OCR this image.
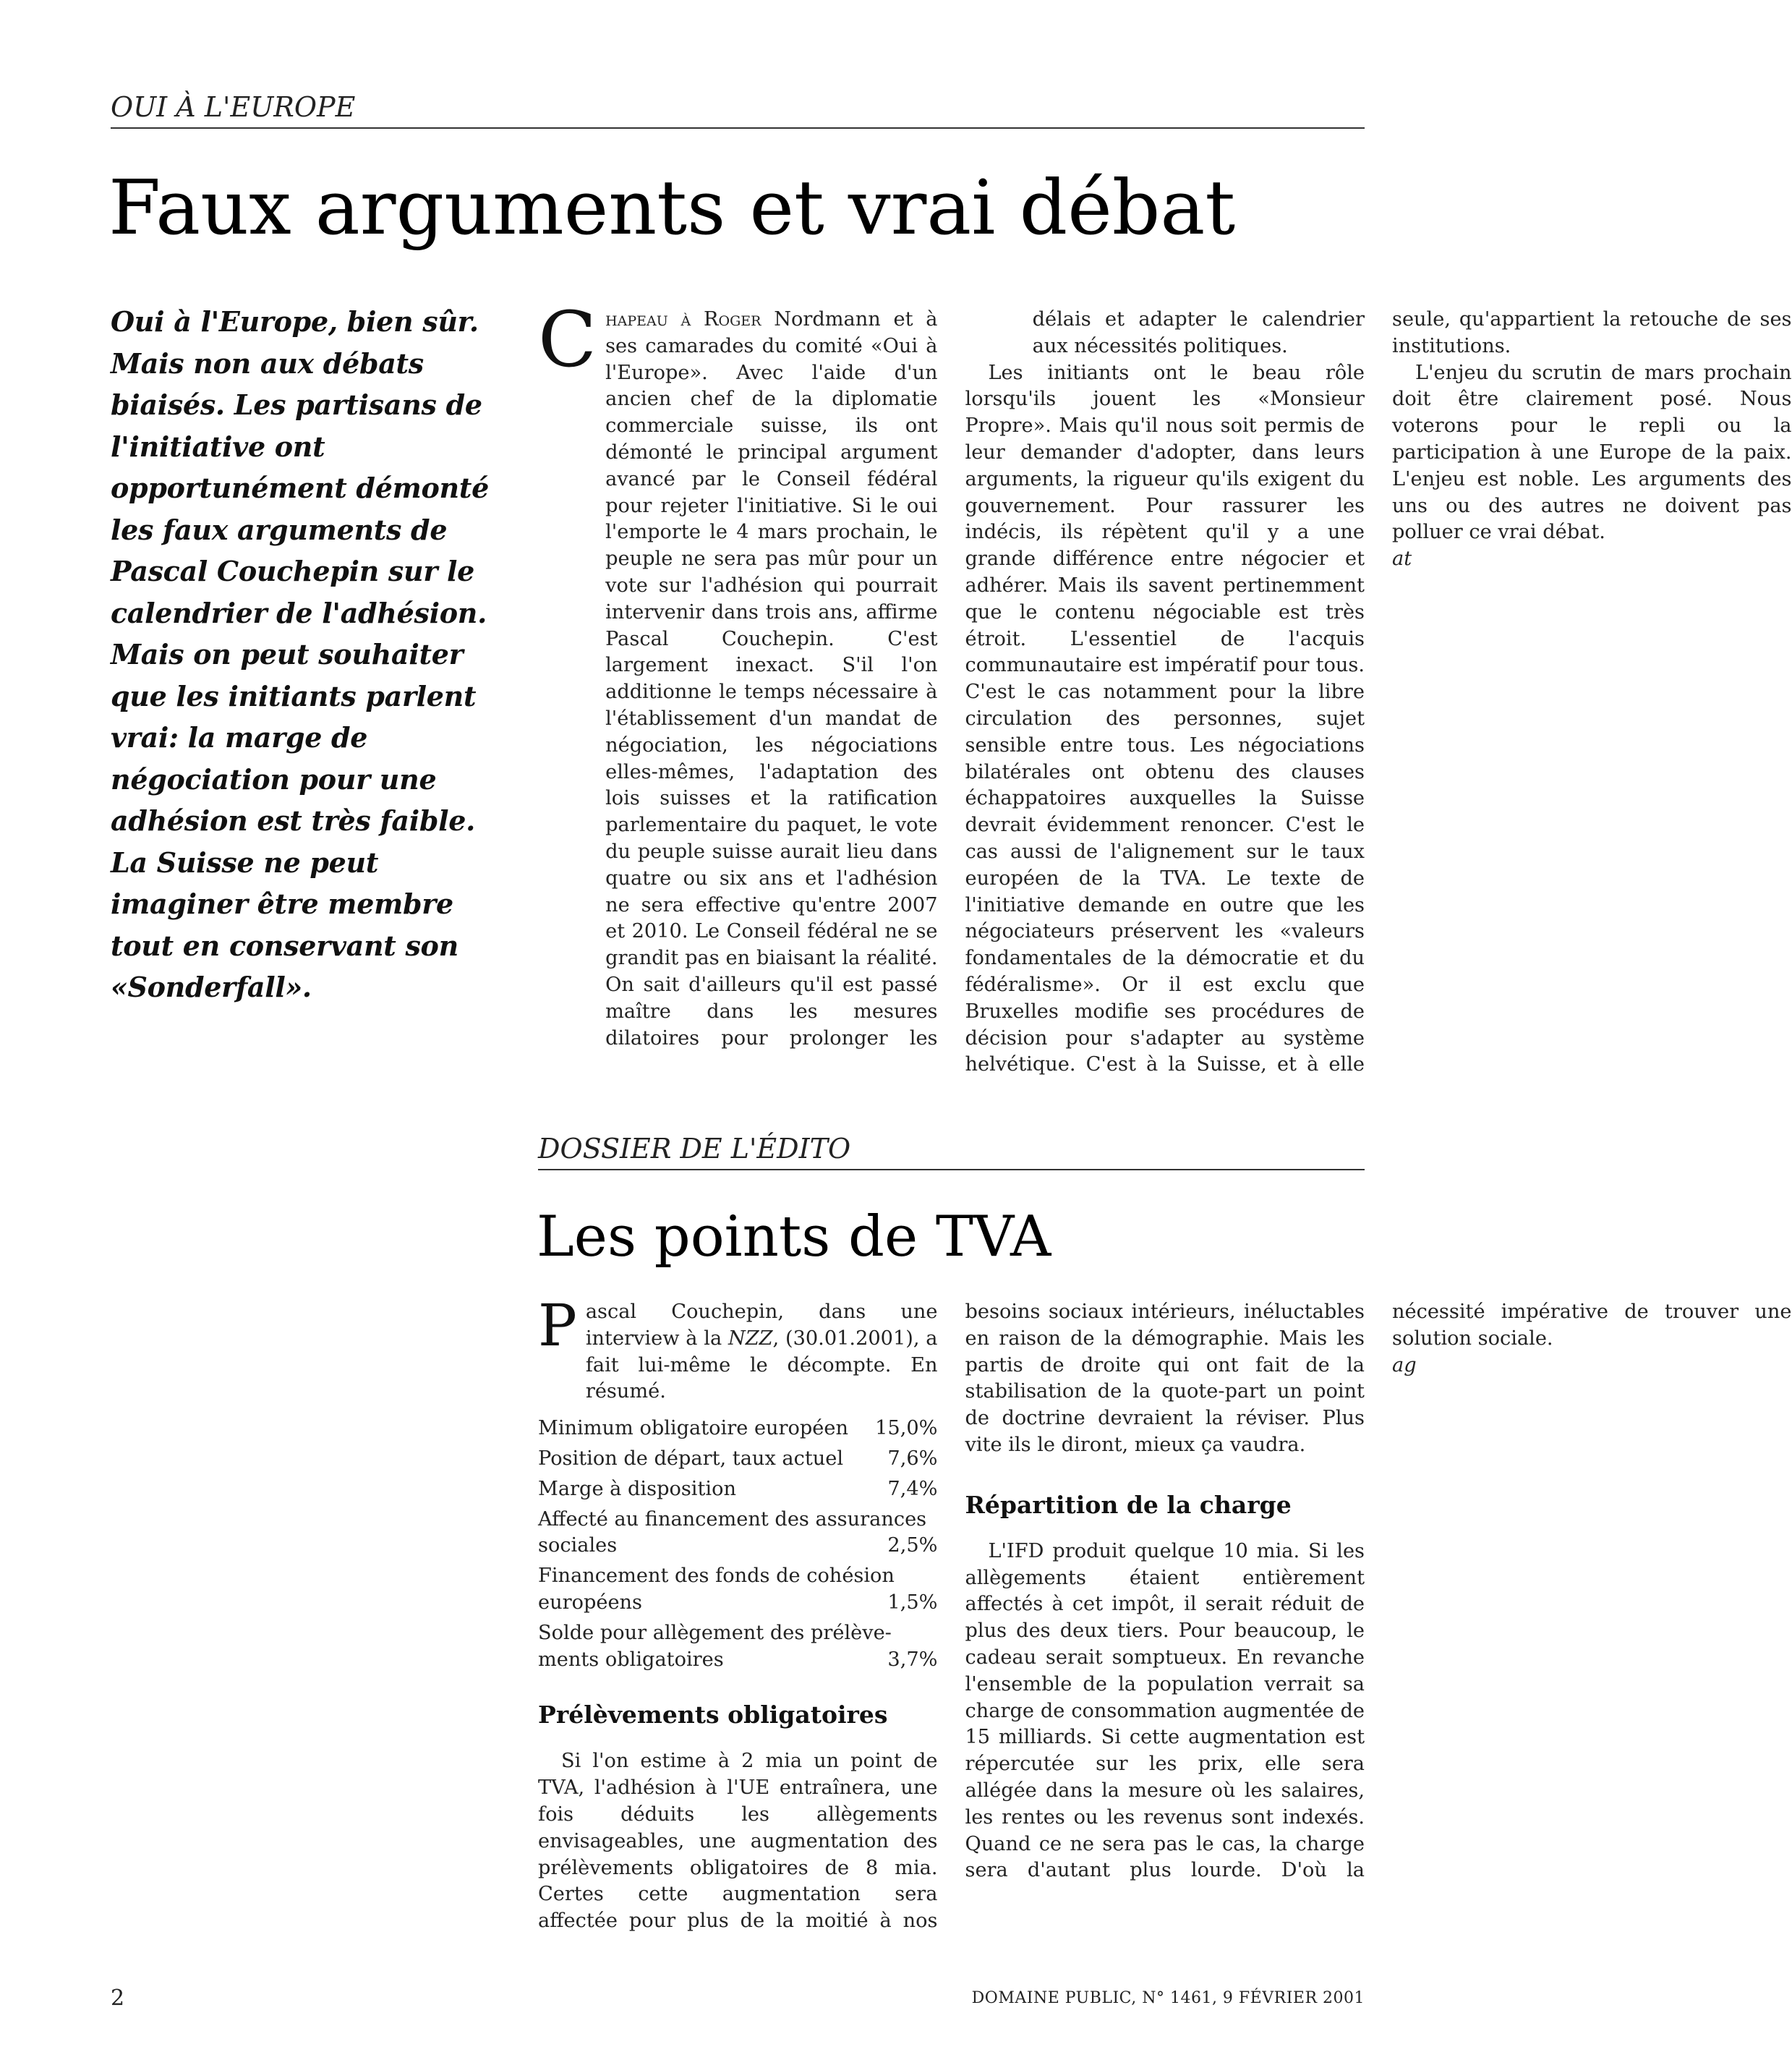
OUI À L'EUROPE
Faux arguments et vrai débat

Oui à l'Europe, bien sûr. Mais non aux débats biaisés. Les partisans de l'initiative ont opportunément démonté les faux arguments de Pascal Couchepin sur le calendrier de l'adhésion. Mais on peut souhaiter que les initiants parlent vrai: la marge de négociation pour une adhésion est très faible. La Suisse ne peut imaginer être membre tout en conservant son «Sonderfall».

C hapeau à Roger Nordmann et à ses camarades du comité «Oui à l'Europe». Avec l'aide d'un ancien chef de la diplomatie commerciale suisse, ils ont démonté le principal argument avancé par le Conseil fédéral pour rejeter l'initiative. Si le oui l'emporte le 4 mars prochain, le peuple ne sera pas mûr pour un vote sur l'adhésion qui pourrait intervenir dans trois ans, affirme Pascal Couchepin. C'est largement inexact. S'il l'on additionne le temps nécessaire à l'établissement d'un mandat de négociation, les négociations elles-mêmes, l'adaptation des lois suisses et la ratification parlementaire du paquet, le vote du peuple suisse aurait lieu dans quatre ou six ans et l'adhésion ne sera effective qu'entre 2007 et 2010. Le Conseil fédéral ne se grandit pas en biaisant la réalité. On sait d'ailleurs qu'il est passé maître dans les mesures dilatoires pour prolonger les délais et adapter le calendrier aux nécessités politiques.

Les initiants ont le beau rôle lorsqu'ils jouent les «Monsieur Propre». Mais qu'il nous soit permis de leur demander d'adopter, dans leurs arguments, la rigueur qu'ils exigent du gouvernement. Pour rassurer les indécis, ils répètent qu'il y a une grande différence entre négocier et adhérer. Mais ils savent pertinemment que le contenu négociable est très étroit. L'essentiel de l'acquis communautaire est impératif pour tous. C'est le cas notamment pour la libre circulation des personnes, sujet sensible entre tous. Les négociations bilatérales ont obtenu des clauses échappatoires auxquelles la Suisse devrait évidemment renoncer. C'est le cas aussi de l'alignement sur le taux européen de la TVA. Le texte de l'initiative demande en outre que les négociateurs préservent les «valeurs fondamentales de la démocratie et du fédéralisme». Or il est exclu que Bruxelles modifie ses procédures de décision pour s'adapter au système helvétique. C'est à la Suisse, et à elle seule, qu'appartient la retouche de ses institutions.

L'enjeu du scrutin de mars prochain doit être clairement posé. Nous voterons pour le repli ou la participation à une Europe de la paix. L'enjeu est noble. Les arguments des uns ou des autres ne doivent pas polluer ce vrai débat.

at

DOSSIER DE L'ÉDITO
Les points de TVA
P ascal Couchepin, dans une interview à la NZZ, (30.01.2001), a fait lui-même le décompte. En résumé.
Minimum obligatoire européen 15,0%
Position de départ, taux actuel 7,6%
Marge à disposition	7,4%
Affecté au financement des assurances
sociales	2,5%
Financement des fonds de cohésion
européens	1,5%
Solde pour allègement des prélève-
ments obligatoires	3,7%
Prélèvements obligatoires

Si l'on estime à 2 mia un point de TVA, l'adhésion à l'UE entraînera, une fois déduits les allègements envisageables, une augmentation des prélèvements obligatoires de 8 mia. Certes cette augmentation sera affectée pour plus de la moitié à nos besoins sociaux intérieurs, inéluctables en raison de la démographie. Mais les partis de droite qui ont fait de la stabilisation de la quote-part un point de doctrine devraient la réviser. Plus vite ils le diront, mieux ça vaudra.

Répartition de la charge

L'IFD produit quelque 10 mia. Si les allègements étaient entièrement affectés à cet impôt, il serait réduit de plus des deux tiers. Pour beaucoup, le cadeau serait somptueux. En revanche l'ensemble de la population verrait sa charge de consommation augmentée de 15 milliards. Si cette augmentation est répercutée sur les prix, elle sera allégée dans la mesure où les salaires, les rentes ou les revenus sont indexés. Quand ce ne sera pas le cas, la charge sera d'autant plus lourde. D'où la nécessité impérative de trouver une solution sociale.

ag

2	DOMAINE PUBLIC, N° 1461, 9 FÉVRIER 2001
